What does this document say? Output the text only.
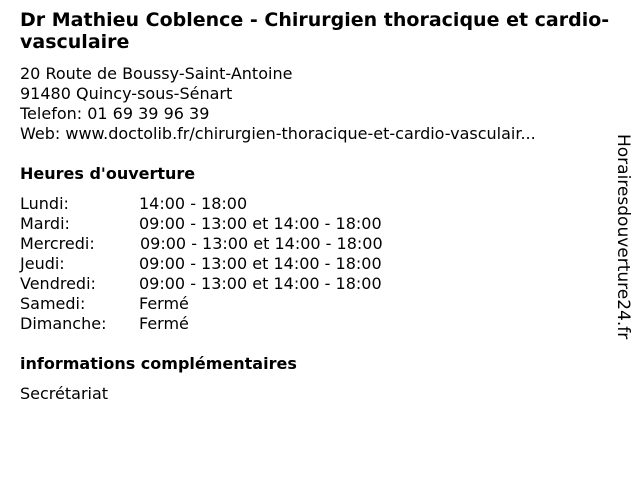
Dr Mathieu Coblence - Chirurgien thoracique et cardio-vasculaire
20 Route de Boussy-Saint-Antoine
91480 Quincy-sous-Sénart
Telefon: 01 69 39 96 39
Web: www.doctolib.fr/chirurgien-thoracique-et-cardio-vasculair...
Heures d'ouverture
Lundi:	14:00 - 18:00
Mardi:	09:00 - 13:00 et 14:00 - 18:00
Mercredi:	09:00 - 13:00 et 14:00 - 18:00
Jeudi:	09:00 - 13:00 et 14:00 - 18:00
Vendredi:	09:00 - 13:00 et 14:00 - 18:00
Samedi:	Fermé
Dimanche: Fermé
informations complémentaires
Secrétariat
Horairesdouverture24.fr
